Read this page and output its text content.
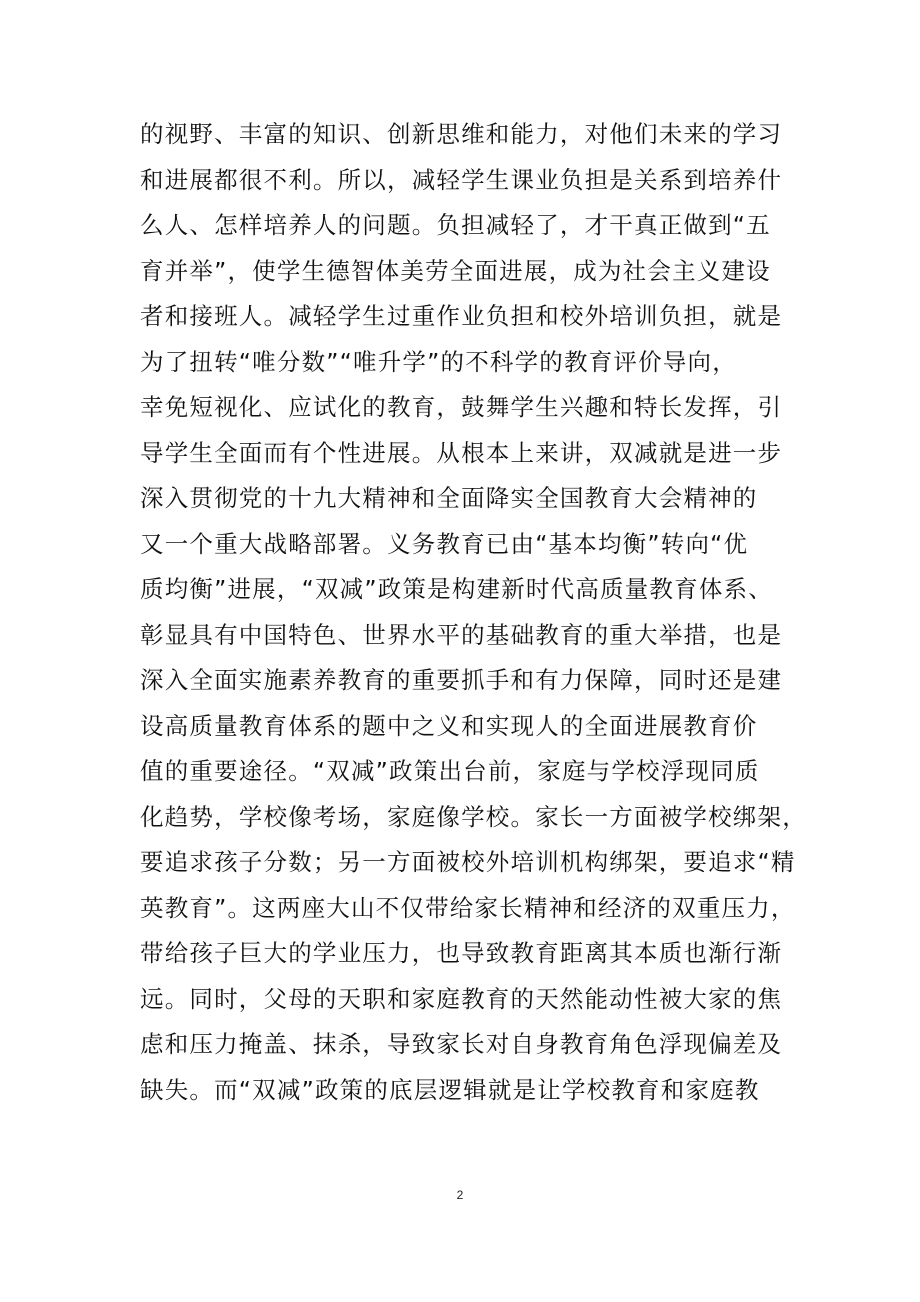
的视野、丰富的知识、创新思维和能力，对他们未来的学习
和进展都很不利。所以，减轻学生课业负担是关系到培养什
么人、怎样培养人的问题。负担减轻了，才干真正做到“五
育并举”，使学生德智体美劳全面进展，成为社会主义建设
者和接班人。减轻学生过重作业负担和校外培训负担，就是
为了扭转“唯分数”“唯升学”的不科学的教育评价导向，
幸免短视化、应试化的教育，鼓舞学生兴趣和特长发挥，引
导学生全面而有个性进展。从根本上来讲，双减就是进一步
深入贯彻党的十九大精神和全面降实全国教育大会精神的
又一个重大战略部署。义务教育已由“基本均衡”转向“优
质均衡”进展，“双减”政策是构建新时代高质量教育体系、
彰显具有中国特色、世界水平的基础教育的重大举措，也是
深入全面实施素养教育的重要抓手和有力保障，同时还是建
设高质量教育体系的题中之义和实现人的全面进展教育价
值的重要途径。“双减”政策出台前，家庭与学校浮现同质
化趋势，学校像考场，家庭像学校。家长一方面被学校绑架，
要追求孩子分数；另一方面被校外培训机构绑架，要追求“精
英教育”。这两座大山不仅带给家长精神和经济的双重压力，
带给孩子巨大的学业压力，也导致教育距离其本质也渐行渐
远。同时，父母的天职和家庭教育的天然能动性被大家的焦
虑和压力掩盖、抹杀，导致家长对自身教育角色浮现偏差及
缺失。而“双减”政策的底层逻辑就是让学校教育和家庭教
2
